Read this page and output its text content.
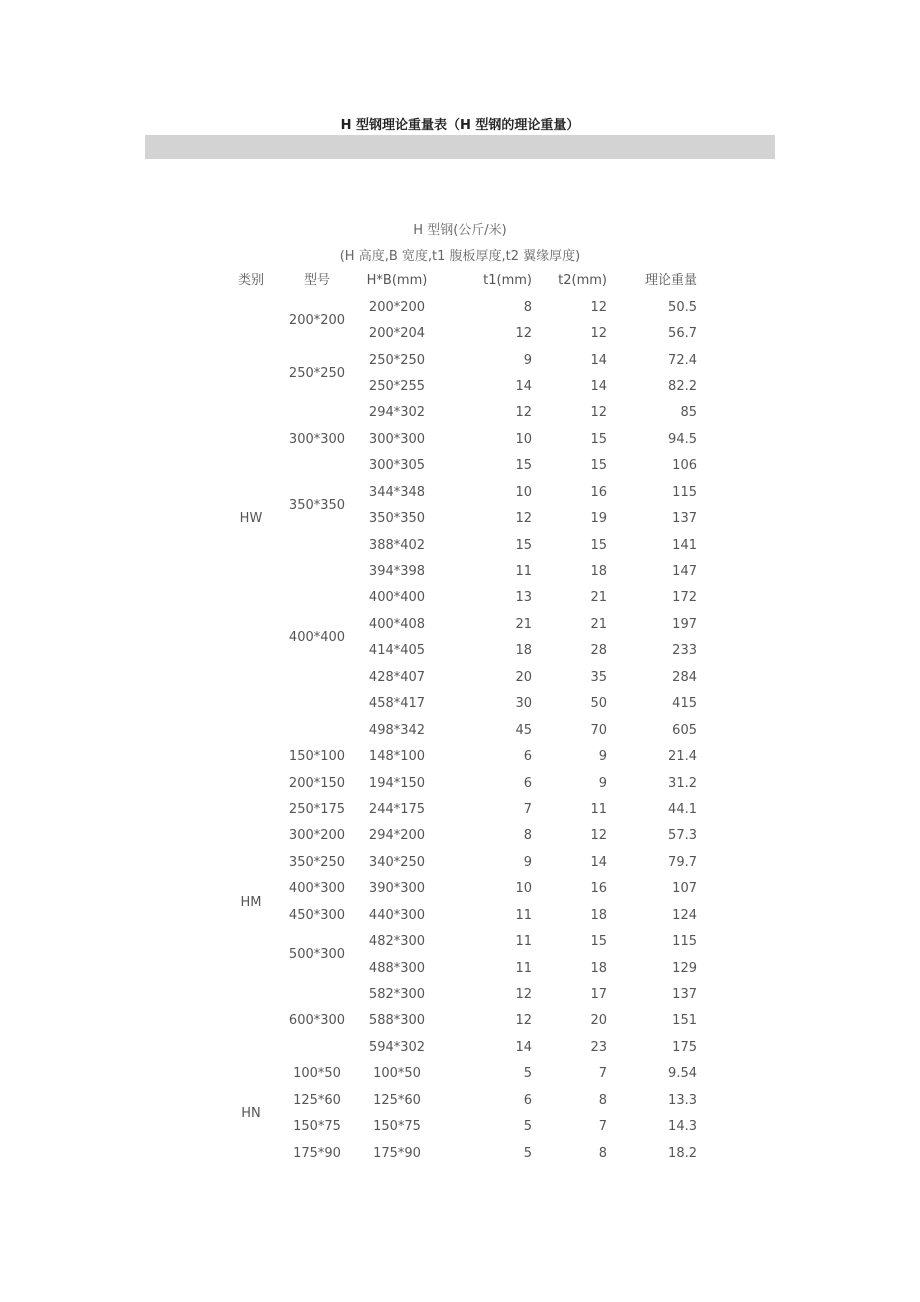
H 型钢理论重量表（H 型钢的理论重量）
H 型钢(公斤/米)
(H 高度,B 宽度,t1 腹板厚度,t2 翼缘厚度)
类别	型号	H*B(mm)	t1(mm)	t2(mm)	理论重量
HW	200*200	200*200	8	12	50.5
		200*204	12	12	56.7
	250*250	250*250	9	14	72.4
		250*255	14	14	82.2
	300*300	294*302	12	12	85
		300*300	10	15	94.5
		300*305	15	15	106
	350*350	344*348	10	16	115
		350*350	12	19	137
	400*400	388*402	15	15	141
		394*398	11	18	147
		400*400	13	21	172
		400*408	21	21	197
		414*405	18	28	233
		428*407	20	35	284
		458*417	30	50	415
		498*342	45	70	605
HM	150*100	148*100	6	9	21.4
	200*150	194*150	6	9	31.2
	250*175	244*175	7	11	44.1
	300*200	294*200	8	12	57.3
	350*250	340*250	9	14	79.7
	400*300	390*300	10	16	107
	450*300	440*300	11	18	124
	500*300	482*300	11	15	115
		488*300	11	18	129
	600*300	582*300	12	17	137
		588*300	12	20	151
		594*302	14	23	175
HN	100*50	100*50	5	7	9.54
	125*60	125*60	6	8	13.3
	150*75	150*75	5	7	14.3
	175*90	175*90	5	8	18.2
